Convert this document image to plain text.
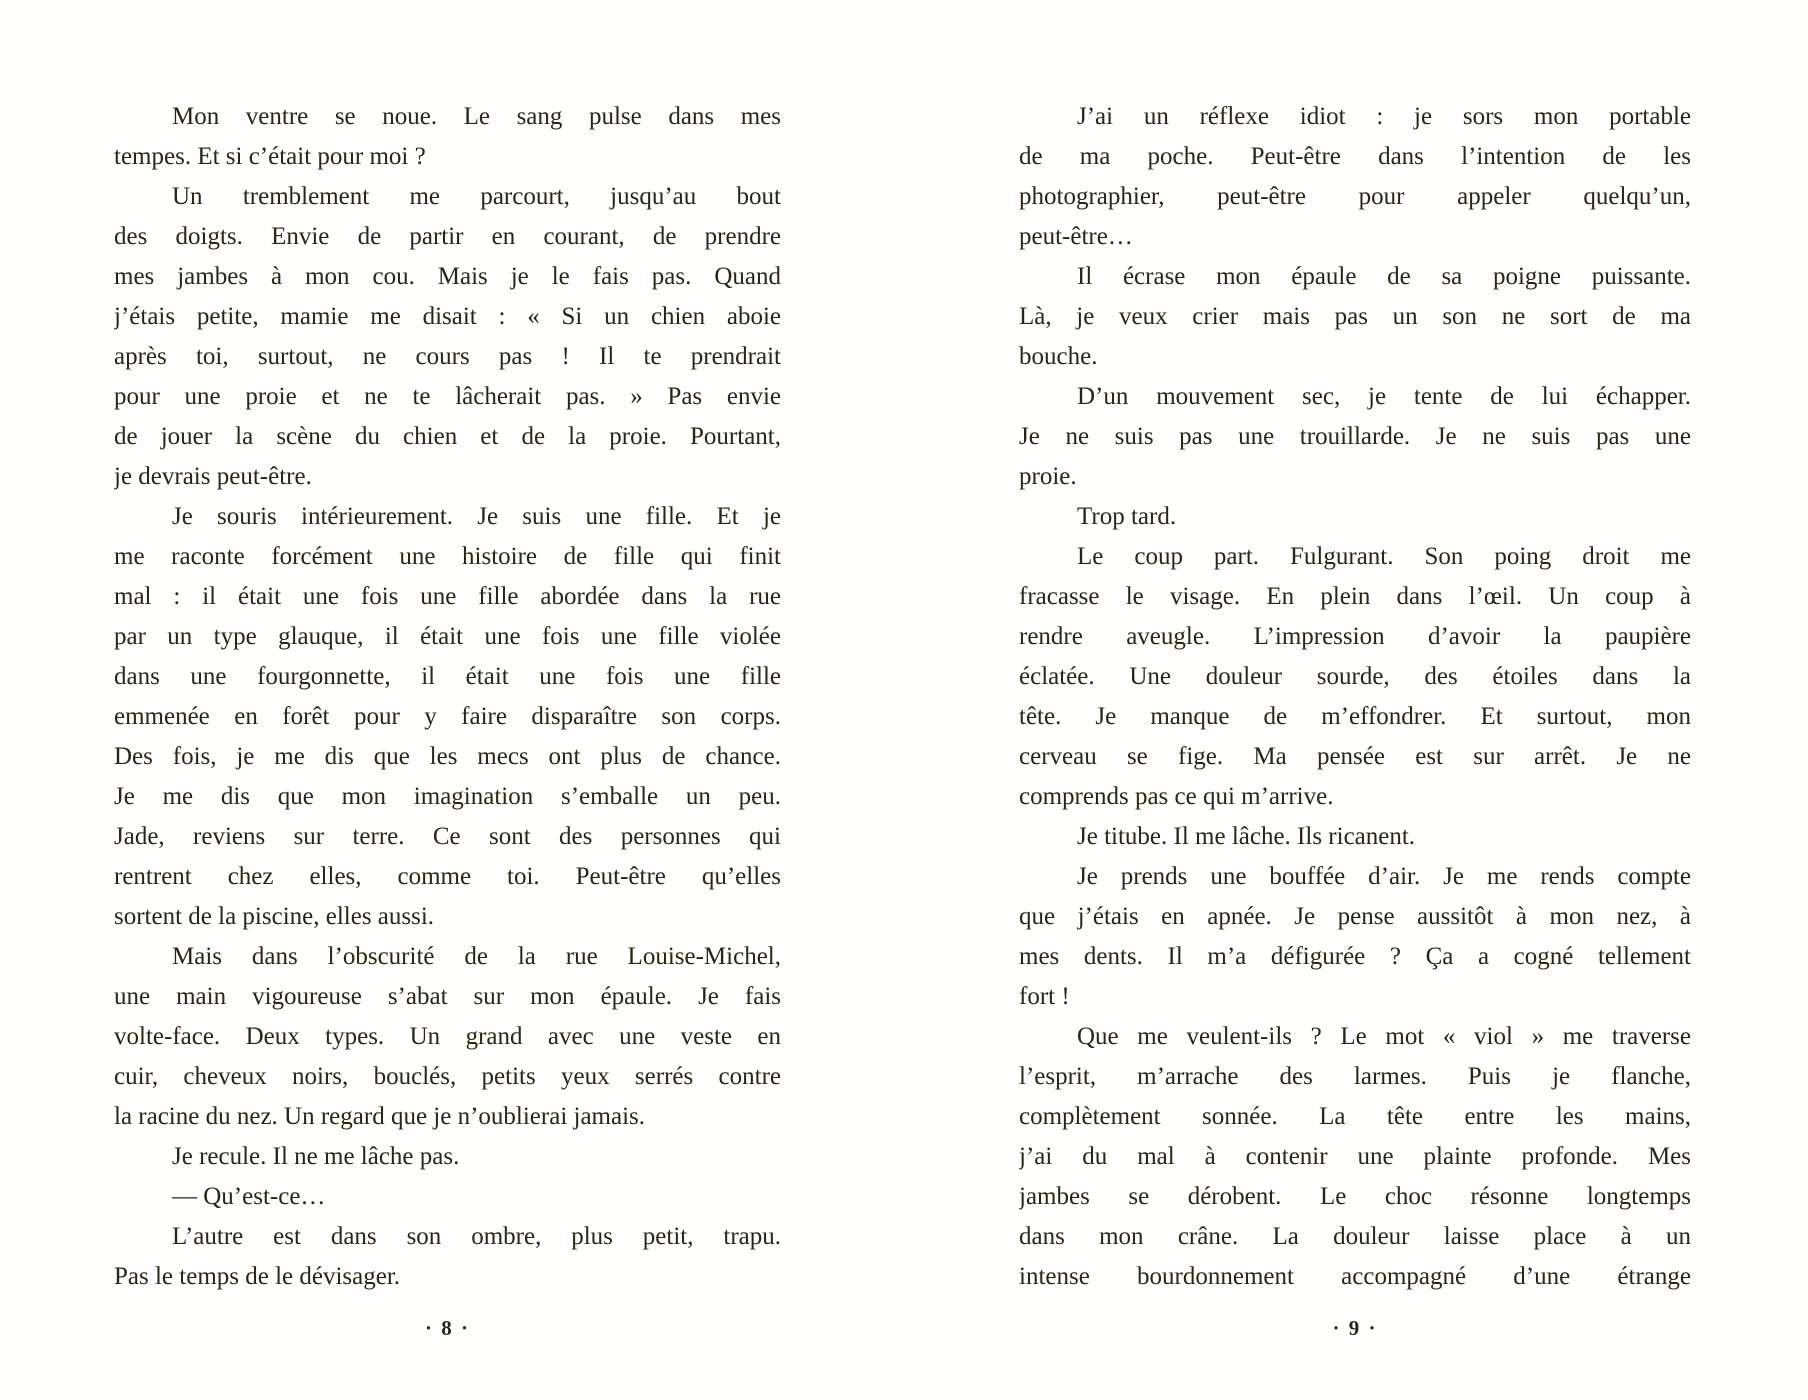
Mon ventre se noue. Le sang pulse dans mes
tempes. Et si c’était pour moi ?
Un tremblement me parcourt, jusqu’au bout
des doigts. Envie de partir en courant, de prendre
mes jambes à mon cou. Mais je le fais pas. Quand
j’étais petite, mamie me disait : « Si un chien aboie
après toi, surtout, ne cours pas ! Il te prendrait
pour une proie et ne te lâcherait pas. » Pas envie
de jouer la scène du chien et de la proie. Pourtant,
je devrais peut-être.
Je souris intérieurement. Je suis une fille. Et je
me raconte forcément une histoire de fille qui finit
mal : il était une fois une fille abordée dans la rue
par un type glauque, il était une fois une fille violée
dans une fourgonnette, il était une fois une fille
emmenée en forêt pour y faire disparaître son corps.
Des fois, je me dis que les mecs ont plus de chance.
Je me dis que mon imagination s’emballe un peu.
Jade, reviens sur terre. Ce sont des personnes qui
rentrent chez elles, comme toi. Peut-être qu’elles
sortent de la piscine, elles aussi.
Mais dans l’obscurité de la rue Louise-Michel,
une main vigoureuse s’abat sur mon épaule. Je fais
volte-face. Deux types. Un grand avec une veste en
cuir, cheveux noirs, bouclés, petits yeux serrés contre
la racine du nez. Un regard que je n’oublierai jamais.
Je recule. Il ne me lâche pas.
— Qu’est-ce…
L’autre est dans son ombre, plus petit, trapu.
Pas le temps de le dévisager.
J’ai un réflexe idiot : je sors mon portable
de ma poche. Peut-être dans l’intention de les
photographier, peut-être pour appeler quelqu’un,
peut-être…
Il écrase mon épaule de sa poigne puissante.
Là, je veux crier mais pas un son ne sort de ma
bouche.
D’un mouvement sec, je tente de lui échapper.
Je ne suis pas une trouillarde. Je ne suis pas une
proie.
Trop tard.
Le coup part. Fulgurant. Son poing droit me
fracasse le visage. En plein dans l’œil. Un coup à
rendre aveugle. L’impression d’avoir la paupière
éclatée. Une douleur sourde, des étoiles dans la
tête. Je manque de m’effondrer. Et surtout, mon
cerveau se fige. Ma pensée est sur arrêt. Je ne
comprends pas ce qui m’arrive.
Je titube. Il me lâche. Ils ricanent.
Je prends une bouffée d’air. Je me rends compte
que j’étais en apnée. Je pense aussitôt à mon nez, à
mes dents. Il m’a défigurée ? Ça a cogné tellement
fort !
Que me veulent-ils ? Le mot « viol » me traverse
l’esprit, m’arrache des larmes. Puis je flanche,
complètement sonnée. La tête entre les mains,
j’ai du mal à contenir une plainte profonde. Mes
jambes se dérobent. Le choc résonne longtemps
dans mon crâne. La douleur laisse place à un
intense bourdonnement accompagné d’une étrange
· 8 ·	· 9 ·
